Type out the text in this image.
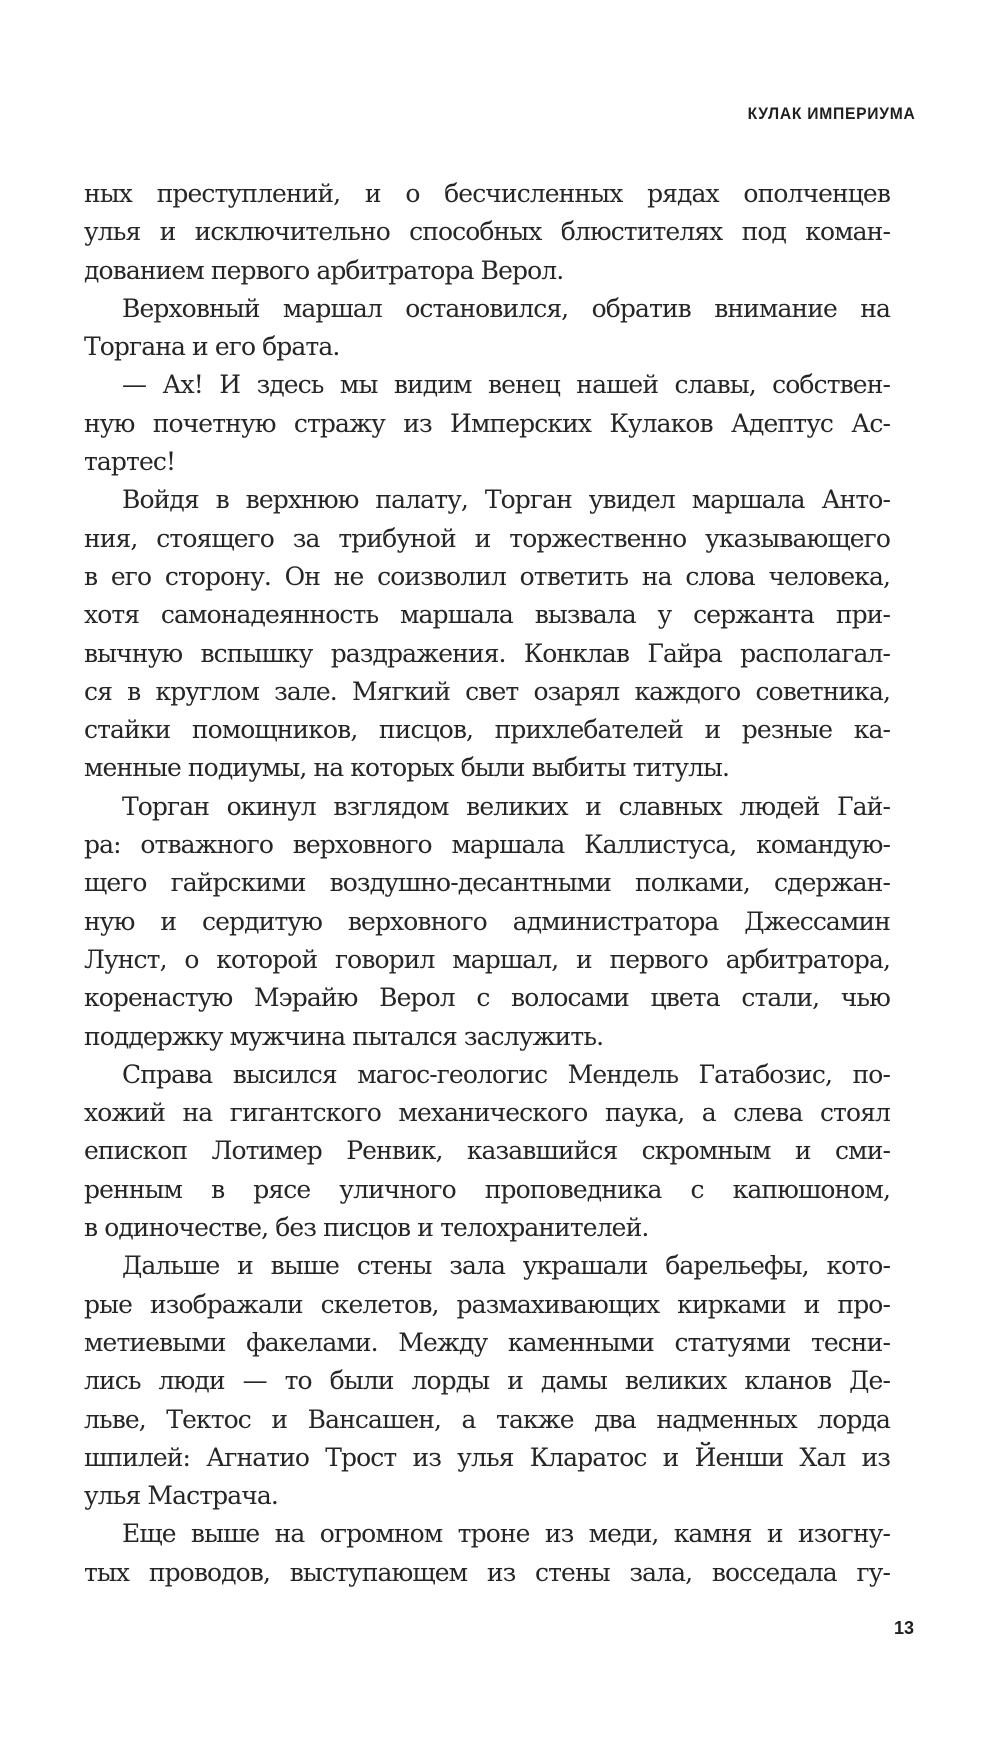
КУЛАК ИМПЕРИУМА
ных преступлений, и о бесчисленных рядах ополченцев
улья и исключительно способных блюстителях под коман-
дованием первого арбитратора Верол.
Верховный маршал остановился, обратив внимание на
Торгана и его брата.
— Ах! И здесь мы видим венец нашей славы, собствен-
ную почетную стражу из Имперских Кулаков Адептус Ас-
тартес!
Войдя в верхнюю палату, Торган увидел маршала Анто-
ния, стоящего за трибуной и торжественно указывающего
в его сторону. Он не соизволил ответить на слова человека,
хотя самонадеянность маршала вызвала у сержанта при-
вычную вспышку раздражения. Конклав Гайра располагал-
ся в круглом зале. Мягкий свет озарял каждого советника,
стайки помощников, писцов, прихлебателей и резные ка-
менные подиумы, на которых были выбиты титулы.
Торган окинул взглядом великих и славных людей Гай-
ра: отважного верховного маршала Каллистуса, командую-
щего гайрскими воздушно-десантными полками, сдержан-
ную и сердитую верховного администратора Джессамин
Лунст, о которой говорил маршал, и первого арбитратора,
коренастую Мэрайю Верол с волосами цвета стали, чью
поддержку мужчина пытался заслужить.
Справа высился магос-геологис Мендель Гатабозис, по-
хожий на гигантского механического паука, а слева стоял
епископ Лотимер Ренвик, казавшийся скромным и сми-
ренным в рясе уличного проповедника с капюшоном,
в одиночестве, без писцов и телохранителей.
Дальше и выше стены зала украшали барельефы, кото-
рые изображали скелетов, размахивающих кирками и про-
метиевыми факелами. Между каменными статуями тесни-
лись люди — то были лорды и дамы великих кланов Де-
льве, Тектос и Вансашен, а также два надменных лорда
шпилей: Агнатио Трост из улья Кларатос и Йенши Хал из
улья Мастрача.
Еще выше на огромном троне из меди, камня и изогну-
тых проводов, выступающем из стены зала, восседала гу-
13
